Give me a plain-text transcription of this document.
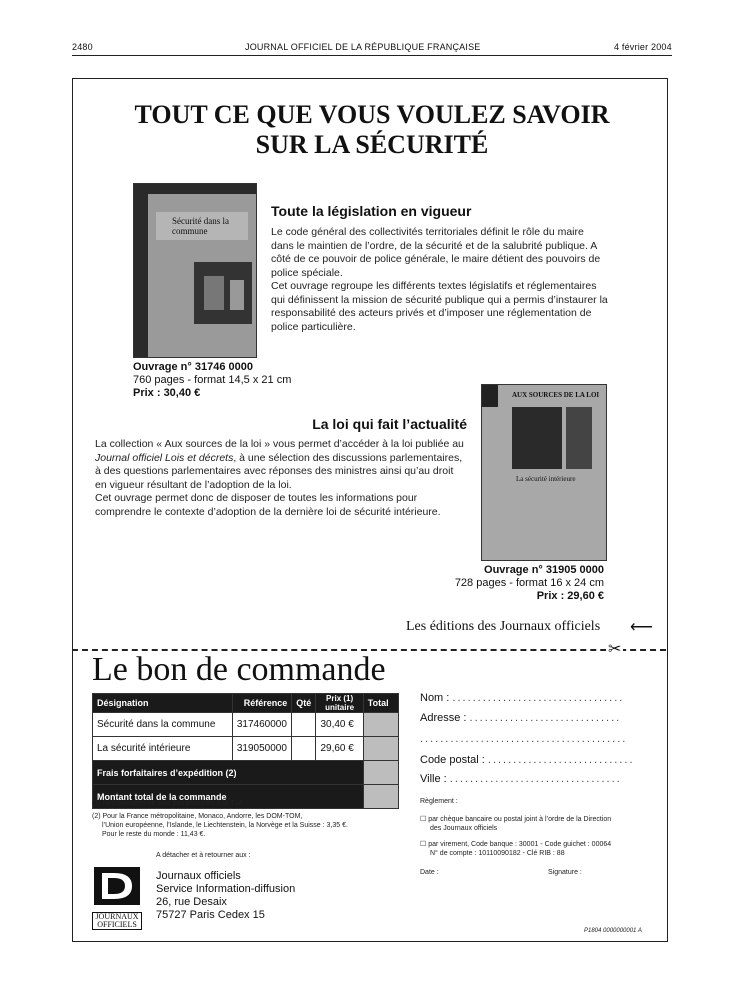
2480	JOURNAL OFFICIEL DE LA RÉPUBLIQUE FRANÇAISE	4 février 2004
TOUT CE QUE VOUS VOULEZ SAVOIR
SUR LA SÉCURITÉ
Sécurité dans la commune
Toute la législation en vigueur

Le code général des collectivités territoriales définit le rôle du maire dans le maintien de l’ordre, de la sécurité et de la salubrité publique. A côté de ce pouvoir de police générale, le maire détient des pouvoirs de police spéciale.

Cet ouvrage regroupe les différents textes législatifs et réglementaires qui définissent la mission de sécurité publique qui a permis d’instaurer la responsabilité des acteurs privés et d’imposer une réglementation de police particulière.

Ouvrage n° 31746 0000
760 pages - format 14,5 x 21 cm
Prix : 30,40 €
La loi qui fait l’actualité

La collection « Aux sources de la loi » vous permet d’accéder à la loi publiée au Journal officiel Lois et décrets, à une sélection des discussions parlementaires, à des questions parlementaires avec réponses des ministres ainsi qu’au droit en vigueur résultant de l’adoption de la loi.

Cet ouvrage permet donc de disposer de toutes les informations pour comprendre le contexte d’adoption de la dernière loi de sécurité intérieure.

AUX SOURCES DE LA LOI
La sécurité intérieure
Ouvrage n° 31905 0000
728 pages - format 16 x 24 cm
Prix : 29,60 €
Les éditions des Journaux officiels ⟵
✂
Le bon de commande
Désignation	Référence	Qté	Prix (1) unitaire	Total
Sécurité dans la commune	317460000		30,40 €	
La sécurité intérieure	319050000		29,60 €	
Frais forfaitaires d’expédition (2)				
Montant total de la commande				
(1) Nos ouvrages ne sont pas assujettis à la TVA.
(2) Pour la France métropolitaine, Monaco, Andorre, les DOM-TOM,
l’Union européenne, l’Islande, le Liechtenstein, la Norvège et la Suisse : 3,35 €.
Pour le reste du monde : 11,43 €.
A détacher et à retourner aux :
JOURNAUX
OFFICIELS
Journaux officiels
Service Information-diffusion
26, rue Desaix
75727 Paris Cedex 15
Nom : ..................................
Adresse : ..............................
.........................................
Code postal : .............................
Ville : ..................................
Règlement :
☐ par chèque bancaire ou postal joint à l’ordre de la Direction
des Journaux officiels
☐ par virement, Code banque : 30001 - Code guichet : 00064
N° de compte : 10110090182 - Clé RIB : 88
Date :	Signature :
P1804 0000000001 A
